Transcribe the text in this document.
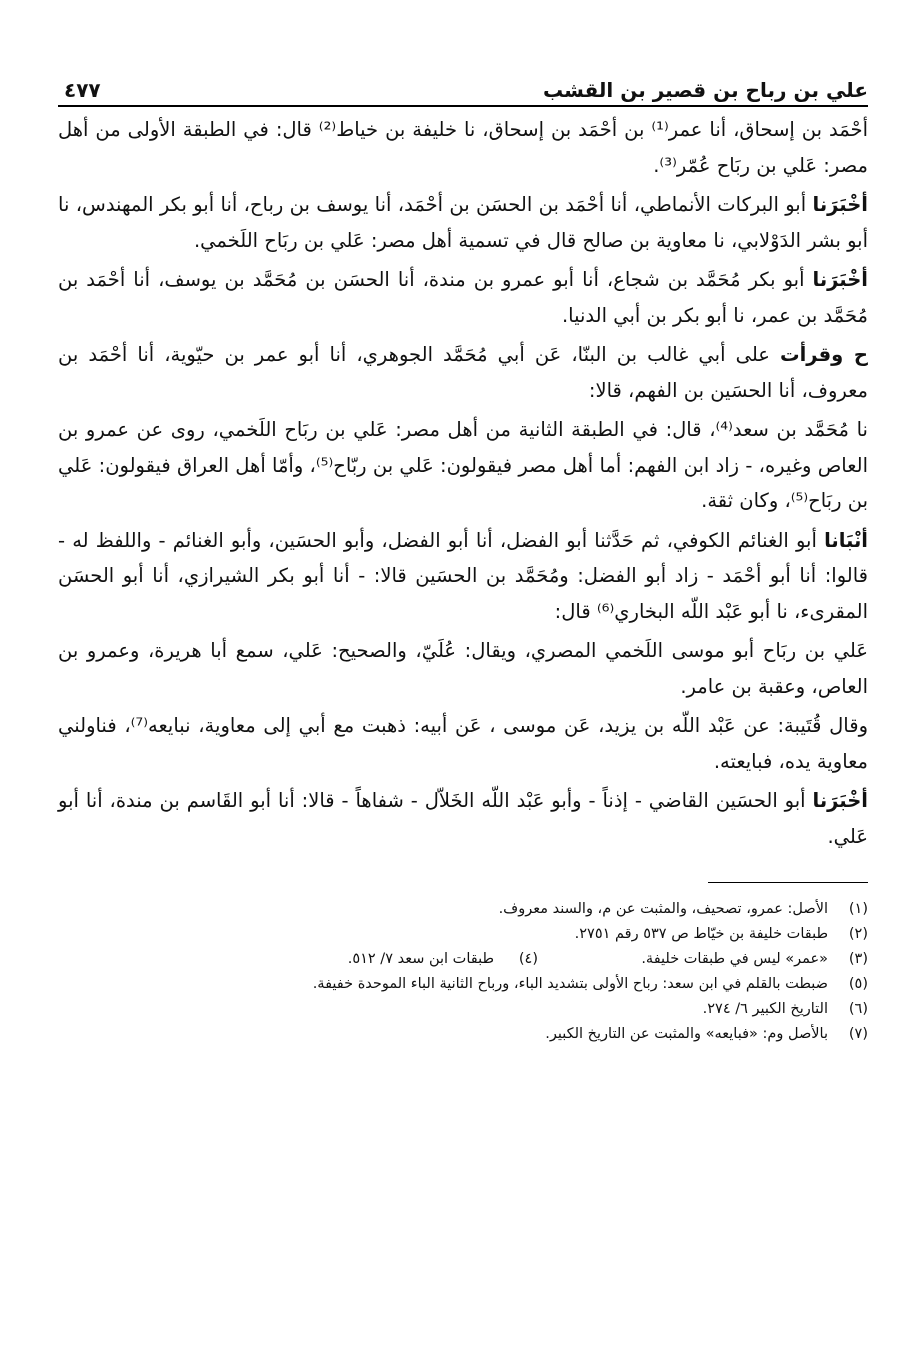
علي بن رباح بن قصير بن القشب
٤٧٧

أحْمَد بن إسحاق، أنا عمر⁽¹⁾ بن أحْمَد بن إسحاق، نا خليفة بن خياط⁽²⁾ قال: في الطبقة الأولى من أهل مصر: عَلي بن ربَاح عُمّر⁽³⁾.

أخْبَرَنا أبو البركات الأنماطي، أنا أحْمَد بن الحسَن بن أحْمَد، أنا يوسف بن رباح، أنا أبو بكر المهندس، نا أبو بشر الدَوْلابي، نا معاوية بن صالح قال في تسمية أهل مصر: عَلي بن ربَاح اللَخمي.

أخْبَرَنا أبو بكر مُحَمَّد بن شجاع، أنا أبو عمرو بن مندة، أنا الحسَن بن مُحَمَّد بن يوسف، أنا أحْمَد بن مُحَمَّد بن عمر، نا أبو بكر بن أبي الدنيا.

ح وقرأت على أبي غالب بن البنّا، عَن أبي مُحَمَّد الجوهري، أنا أبو عمر بن حيّوية، أنا أحْمَد بن معروف، أنا الحسَين بن الفهم، قالا:

نا مُحَمَّد بن سعد⁽⁴⁾، قال: في الطبقة الثانية من أهل مصر: عَلي بن ربَاح اللَخمي، روى عن عمرو بن العاص وغيره، - زاد ابن الفهم: أما أهل مصر فيقولون: عَلي بن ربّاح⁽⁵⁾، وأمّا أهل العراق فيقولون: عَلي بن ربَاح⁽⁵⁾، وكان ثقة.

أنْبَانا أبو الغنائم الكوفي، ثم حَدَّثنا أبو الفضل، أنا أبو الفضل، وأبو الحسَين، وأبو الغنائم - واللفظ له - قالوا: أنا أبو أحْمَد - زاد أبو الفضل: ومُحَمَّد بن الحسَين قالا: - أنا أبو بكر الشيرازي، أنا أبو الحسَن المقرىء، نا أبو عَبْد اللّه البخاري⁽⁶⁾ قال:

عَلي بن ربَاح أبو موسى اللَخمي المصري، ويقال: عُلَيّ، والصحيح: عَلي، سمع أبا هريرة، وعمرو بن العاص، وعقبة بن عامر.

وقال قُتَيبة: عن عَبْد اللّه بن يزيد، عَن موسى ، عَن أبيه: ذهبت مع أبي إلى معاوية، نبايعه⁽⁷⁾، فناولني معاوية يده، فبايعته.

أخْبَرَنا أبو الحسَين القاضي - إذناً - وأبو عَبْد اللّه الخَلاّل - شفاهاً - قالا: أنا أبو القَاسم بن مندة، أنا أبو عَلي.

(١)
الأصل: عمرو، تصحيف، والمثبت عن م، والسند معروف.
(٢)
طبقات خليفة بن خيّاط ص ٥٣٧ رقم ٢٧٥١.
(٣)
«عمر» ليس في طبقات خليفة.
(٤)
طبقات ابن سعد ٧/ ٥١٢.
(٥)
ضبطت بالقلم في ابن سعد: رباح الأولى بتشديد الباء، ورباح الثانية الباء الموحدة خفيفة.
(٦)
التاريخ الكبير ٦/ ٢٧٤.
(٧)
بالأصل وم: «فبايعه» والمثبت عن التاريخ الكبير.
